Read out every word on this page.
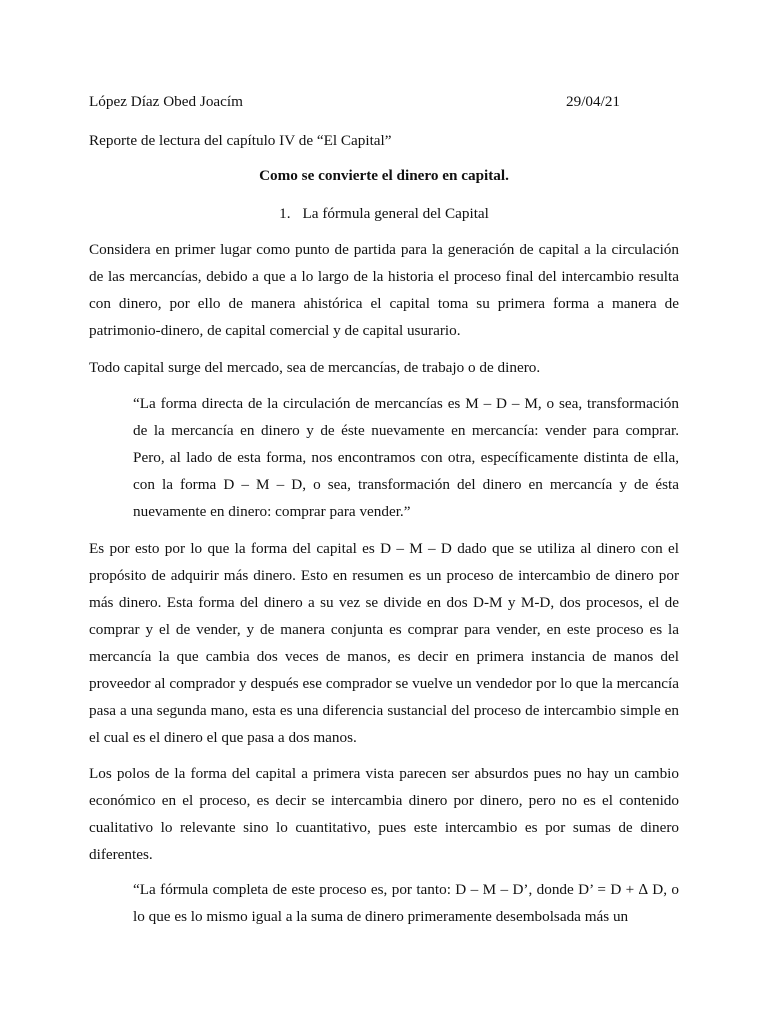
López Díaz Obed Joacím	29/04/21
Reporte de lectura del capítulo IV de “El Capital”
Como se convierte el dinero en capital.
1. La fórmula general del Capital

Considera en primer lugar como punto de partida para la generación de capital a la circulación de las mercancías, debido a que a lo largo de la historia el proceso final del intercambio resulta con dinero, por ello de manera ahistórica el capital toma su primera forma a manera de patrimonio-dinero, de capital comercial y de capital usurario.

Todo capital surge del mercado, sea de mercancías, de trabajo o de dinero.

“La forma directa de la circulación de mercancías es M – D – M, o sea, transformación de la mercancía en dinero y de éste nuevamente en mercancía: vender para comprar. Pero, al lado de esta forma, nos encontramos con otra, específicamente distinta de ella, con la forma D – M – D, o sea, transformación del dinero en mercancía y de ésta nuevamente en dinero: comprar para vender.”

Es por esto por lo que la forma del capital es D – M – D dado que se utiliza al dinero con el propósito de adquirir más dinero. Esto en resumen es un proceso de intercambio de dinero por más dinero. Esta forma del dinero a su vez se divide en dos D-M y M-D, dos procesos, el de comprar y el de vender, y de manera conjunta es comprar para vender, en este proceso es la mercancía la que cambia dos veces de manos, es decir en primera instancia de manos del proveedor al comprador y después ese comprador se vuelve un vendedor por lo que la mercancía pasa a una segunda mano, esta es una diferencia sustancial del proceso de intercambio simple en el cual es el dinero el que pasa a dos manos.

Los polos de la forma del capital a primera vista parecen ser absurdos pues no hay un cambio económico en el proceso, es decir se intercambia dinero por dinero, pero no es el contenido cualitativo lo relevante sino lo cuantitativo, pues este intercambio es por sumas de dinero diferentes.

“La fórmula completa de este proceso es, por tanto: D – M – D’, donde D’ = D + ∆ D, o lo que es lo mismo igual a la suma de dinero primeramente desembolsada más un
